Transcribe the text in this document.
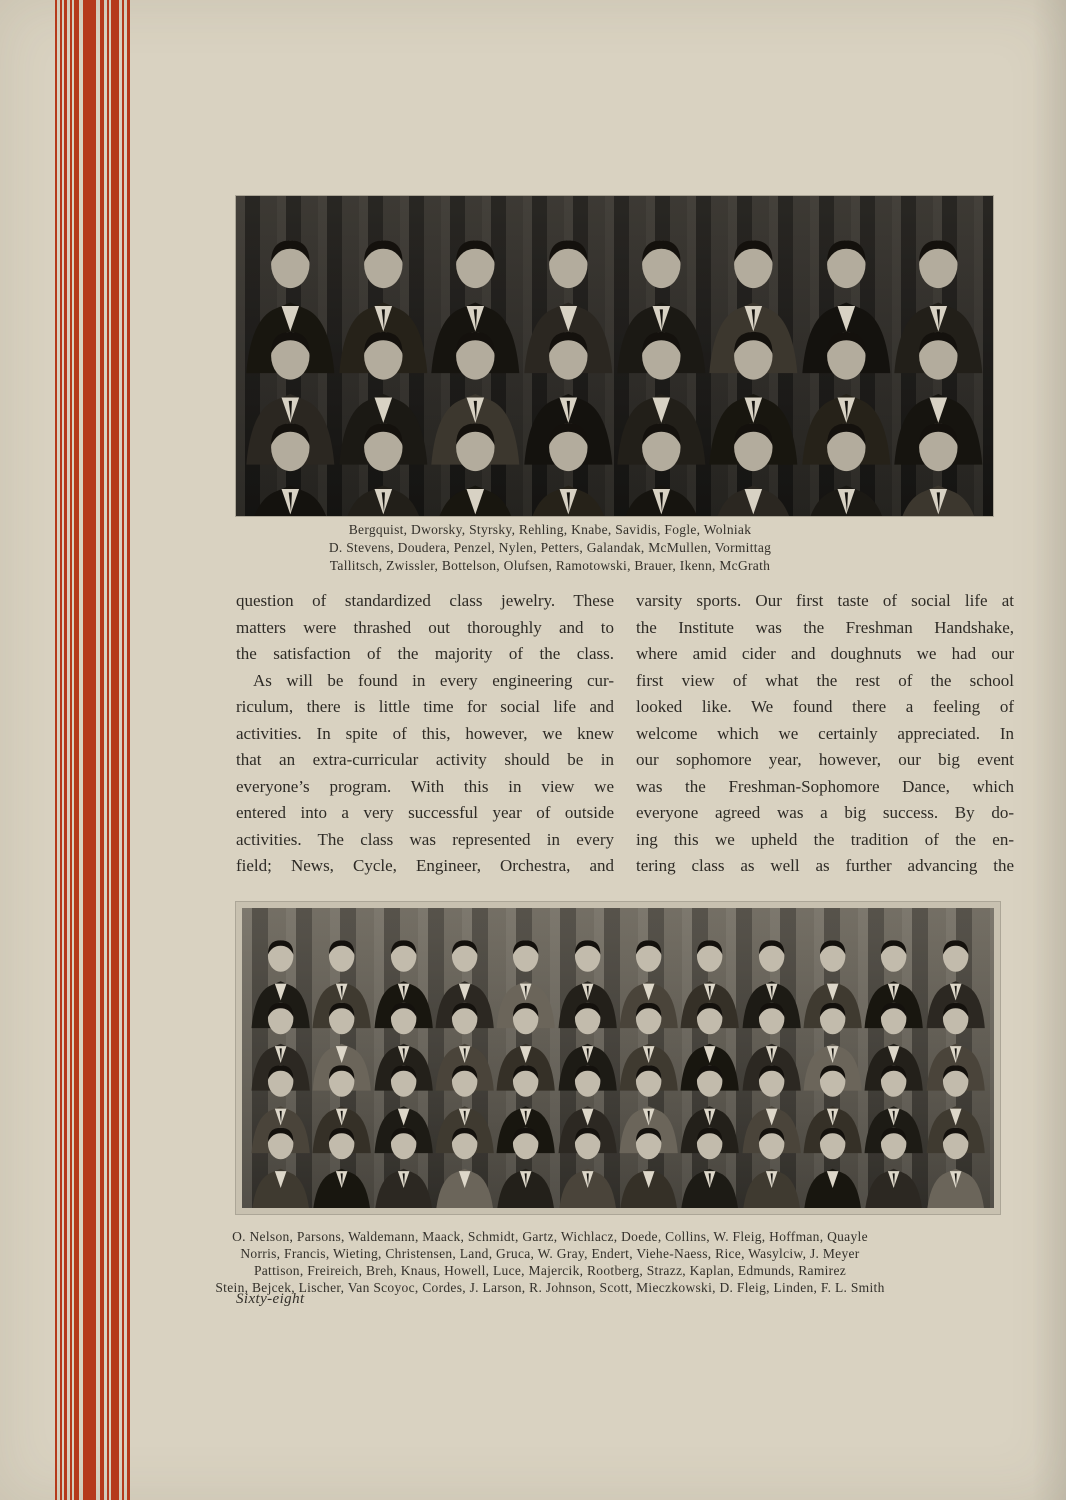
Bergquist, Dworsky, Styrsky, Rehling, Knabe, Savidis, Fogle, Wolniak
D. Stevens, Doudera, Penzel, Nylen, Petters, Galandak, McMullen, Vormittag
Tallitsch, Zwissler, Bottelson, Olufsen, Ramotowski, Brauer, Ikenn, McGrath
question of standardized class jewelry. These
matters were thrashed out thoroughly and to
the satisfaction of the majority of the class.
As will be found in every engineering cur-
riculum, there is little time for social life and
activities. In spite of this, however, we knew
that an extra-curricular activity should be in
everyone’s program. With this in view we
entered into a very successful year of outside
activities. The class was represented in every
field; News, Cycle, Engineer, Orchestra, and
varsity sports. Our first taste of social life at
the Institute was the Freshman Handshake,
where amid cider and doughnuts we had our
first view of what the rest of the school
looked like. We found there a feeling of
welcome which we certainly appreciated. In
our sophomore year, however, our big event
was the Freshman-Sophomore Dance, which
everyone agreed was a big success. By do-
ing this we upheld the tradition of the en-
tering class as well as further advancing the
O. Nelson, Parsons, Waldemann, Maack, Schmidt, Gartz, Wichlacz, Doede, Collins, W. Fleig, Hoffman, Quayle
Norris, Francis, Wieting, Christensen, Land, Gruca, W. Gray, Endert, Viehe-Naess, Rice, Wasylciw, J. Meyer
Pattison, Freireich, Breh, Knaus, Howell, Luce, Majercik, Rootberg, Strazz, Kaplan, Edmunds, Ramirez
Stein, Bejcek, Lischer, Van Scoyoc, Cordes, J. Larson, R. Johnson, Scott, Mieczkowski, D. Fleig, Linden, F. L. Smith
Sixty-eight
